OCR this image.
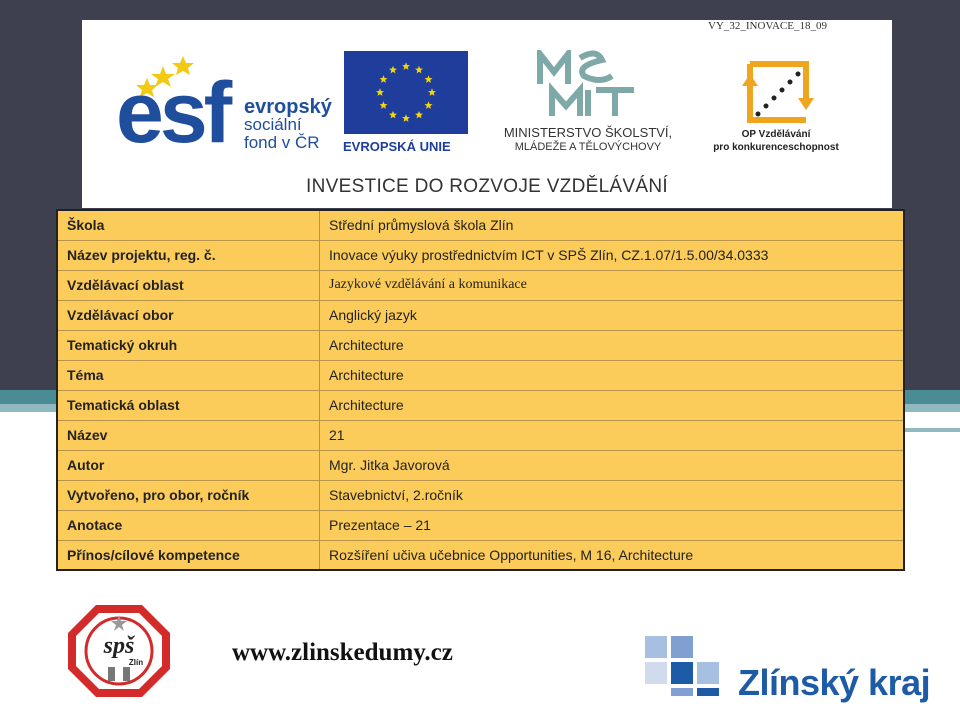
VY_32_INOVACE_18_09
esf evropský
sociální
fond v ČR	EVROPSKÁ UNIE
MINISTERSTVO ŠKOLSTVÍ,
MLÁDEŽE A TĚLOVÝCHOVY
OP Vzdělávání
pro konkurenceschopnost
INVESTICE DO ROZVOJE VZDĚLÁVÁNÍ
Škola	Střední průmyslová škola Zlín
Název projektu, reg. č.	Inovace výuky prostřednictvím ICT v SPŠ Zlín, CZ.1.07/1.5.00/34.0333
Vzdělávací oblast	Jazykové vzdělávání a komunikace
Vzdělávací obor	Anglický jazyk
Tematický okruh	Architecture
Téma	Architecture
Tematická oblast	Architecture
Název	21
Autor	Mgr. Jitka Javorová
Vytvořeno, pro obor, ročník	Stavebnictví, 2.ročník
Anotace	Prezentace – 21
Přínos/cílové kompetence	Rozšíření učiva učebnice Opportunities, M 16, Architecture
spš
Zlín	www.zlinskedumy.cz
Zlínský kraj
